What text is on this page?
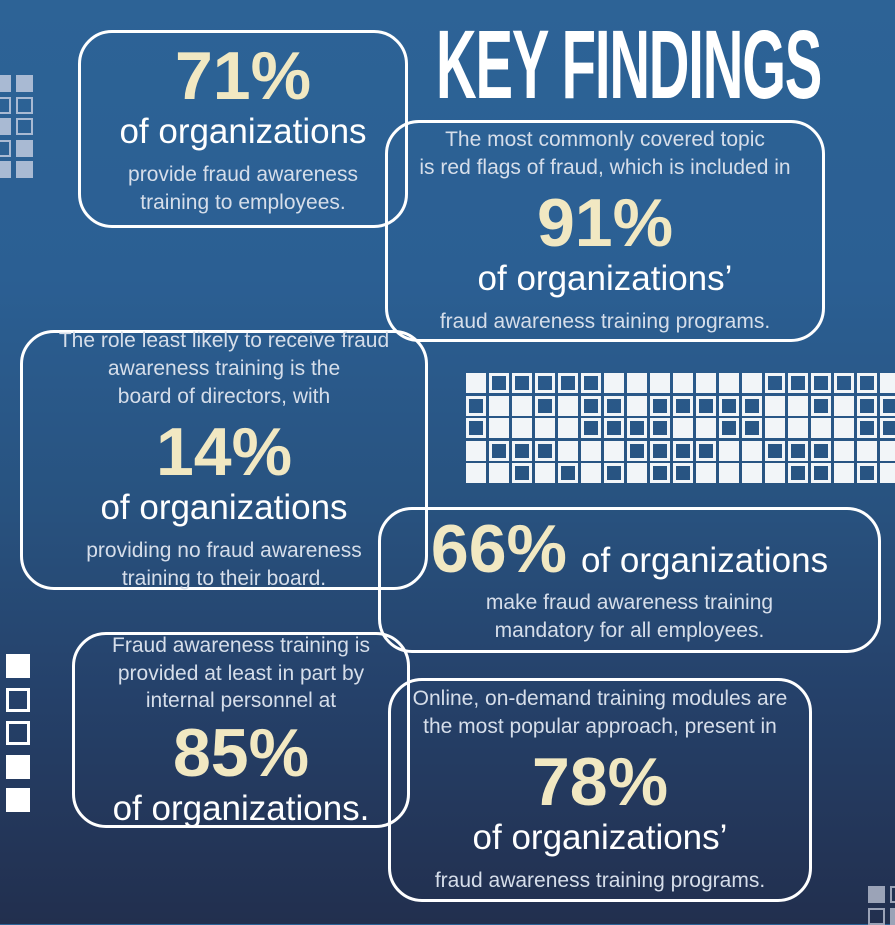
KEY FINDINGS
71%
of organizations
provide fraud awareness
training to employees.
The most commonly covered topic
is red flags of fraud, which is included in
91%
of organizations’
fraud awareness training programs.
The role least likely to receive fraud
awareness training is the
board of directors, with
14%
of organizations
providing no fraud awareness
training to their board.	66% of organizations
make fraud awareness training
mandatory for all employees.
Fraud awareness training is
provided at least in part by
internal personnel at
85%
of organizations.
Online, on-demand training modules are
the most popular approach, present in
78%
of organizations’
fraud awareness training programs.
